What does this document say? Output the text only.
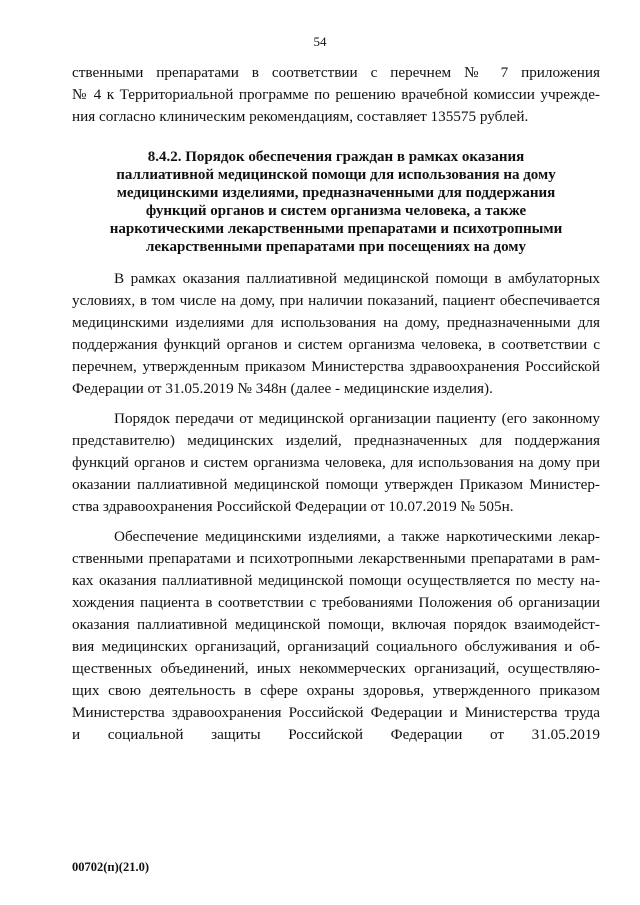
54
ственными препаратами в соответствии с перечнем № 7 приложения
№ 4 к Территориальной программе по решению врачебной комиссии учрежде-
ния согласно клиническим рекомендациям, составляет 135575 рублей.
8.4.2. Порядок обеспечения граждан в рамках оказания
паллиативной медицинской помощи для использования на дому
медицинскими изделиями, предназначенными для поддержания
функций органов и систем организма человека, а также
наркотическими лекарственными препаратами и психотропными
лекарственными препаратами при посещениях на дому
В рамках оказания паллиативной медицинской помощи в амбулаторных
условиях, в том числе на дому, при наличии показаний, пациент обеспечивается
медицинскими изделиями для использования на дому, предназначенными для
поддержания функций органов и систем организма человека, в соответствии с
перечнем, утвержденным приказом Министерства здравоохранения Российской
Федерации от 31.05.2019 № 348н (далее - медицинские изделия).
Порядок передачи от медицинской организации пациенту (его законному
представителю) медицинских изделий, предназначенных для поддержания
функций органов и систем организма человека, для использования на дому при
оказании паллиативной медицинской помощи утвержден Приказом Министер-
ства здравоохранения Российской Федерации от 10.07.2019 № 505н.
Обеспечение медицинскими изделиями, а также наркотическими лекар-
ственными препаратами и психотропными лекарственными препаратами в рам-
ках оказания паллиативной медицинской помощи осуществляется по месту на-
хождения пациента в соответствии с требованиями Положения об организации
оказания паллиативной медицинской помощи, включая порядок взаимодейст-
вия медицинских организаций, организаций социального обслуживания и об-
щественных объединений, иных некоммерческих организаций, осуществляю-
щих свою деятельность в сфере охраны здоровья, утвержденного приказом
Министерства здравоохранения Российской Федерации и Министерства труда
и социальной защиты Российской Федерации от 31.05.2019
00702(п)(21.0)
